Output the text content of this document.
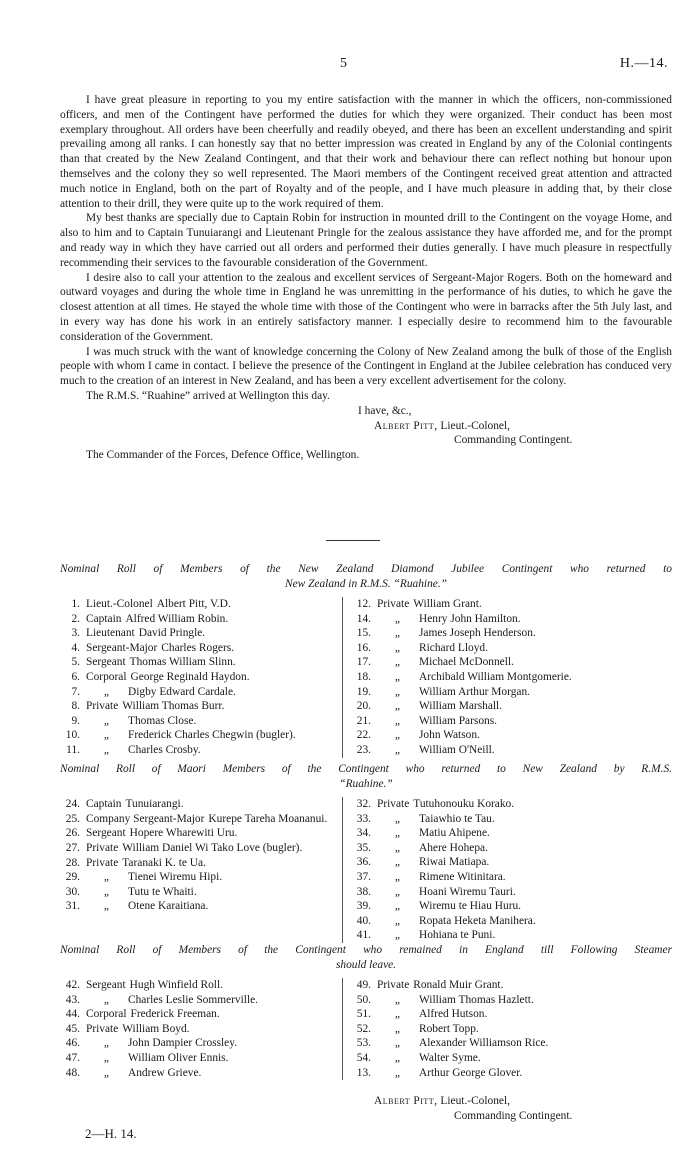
5	H.—14.

I have great pleasure in reporting to you my entire satisfaction with the manner in which the officers, non-commissioned officers, and men of the Contingent have performed the duties for which they were organized. Their conduct has been most exemplary throughout. All orders have been cheerfully and readily obeyed, and there has been an excellent understanding and spirit prevailing among all ranks. I can honestly say that no better impression was created in England by any of the Colonial contingents than that created by the New Zealand Contingent, and that their work and behaviour there can reflect nothing but honour upon themselves and the colony they so well represented. The Maori members of the Contingent received great attention and attracted much notice in England, both on the part of Royalty and of the people, and I have much pleasure in adding that, by their close attention to their drill, they were quite up to the work required of them.

My best thanks are specially due to Captain Robin for instruction in mounted drill to the Contingent on the voyage Home, and also to him and to Captain Tunuiarangi and Lieutenant Pringle for the zealous assistance they have afforded me, and for the prompt and ready way in which they have carried out all orders and performed their duties generally. I have much pleasure in respectfully recommending their services to the favourable consideration of the Government.

I desire also to call your attention to the zealous and excellent services of Sergeant-Major Rogers. Both on the homeward and outward voyages and during the whole time in England he was unremitting in the performance of his duties, to which he gave the closest attention at all times. He stayed the whole time with those of the Contingent who were in barracks after the 5th July last, and in every way has done his work in an entirely satisfactory manner. I especially desire to recommend him to the favourable consideration of the Government.

I was much struck with the want of knowledge concerning the Colony of New Zealand among the bulk of those of the English people with whom I came in contact. I believe the presence of the Contingent in England at the Jubilee celebration has conduced very much to the creation of an interest in New Zealand, and has been a very excellent advertisement for the colony.

The R.M.S. “Ruahine” arrived at Wellington this day.

I have, &c.,
Albert Pitt, Lieut.-Colonel,
Commanding Contingent.

The Commander of the Forces, Defence Office, Wellington.

Nominal Roll of Members of the New Zealand Diamond Jubilee Contingent who returned to
New Zealand in R.M.S. “Ruahine.”
1. Lieut.-Colonel Albert Pitt, V.D.
2. Captain Alfred William Robin.
3. Lieutenant David Pringle.
4. Sergeant-Major Charles Rogers.
5. Sergeant Thomas William Slinn.
6. Corporal George Reginald Haydon.
7.	„	Digby Edward Cardale.
8. Private William Thomas Burr.
9.	„	Thomas Close.
10.	„	Frederick Charles Chegwin (bugler).
11.	„	Charles Crosby.
12. Private William Grant.
14.	„	Henry John Hamilton.
15.	„	James Joseph Henderson.
16.	„	Richard Lloyd.
17.	„	Michael McDonnell.
18.	„	Archibald William Montgomerie.
19.	„	William Arthur Morgan.
20.	„	William Marshall.
21.	„	William Parsons.
22.	„	John Watson.
23.	„	William O'Neill.
Nominal Roll of Maori Members of the Contingent who returned to New Zealand by R.M.S.
“Ruahine.”
24. Captain Tunuiarangi.
25. Company Sergeant-Major Kurepe Tareha Moananui.
26. Sergeant Hopere Wharewiti Uru.
27. Private William Daniel Wi Tako Love (bugler).
28. Private Taranaki K. te Ua.
29.	„	Tienei Wiremu Hipi.
30.	„	Tutu te Whaiti.
31.	„	Otene Karaitiana.
32. Private Tutuhonouku Korako.
33.	„	Taiawhio te Tau.
34.	„	Matiu Ahipene.
35.	„	Ahere Hohepa.
36.	„	Riwai Matiapa.
37.	„	Rimene Witinitara.
38.	„	Hoani Wiremu Tauri.
39.	„	Wiremu te Hiau Huru.
40.	„	Ropata Heketa Manihera.
41.	„	Hohiana te Puni.
Nominal Roll of Members of the Contingent who remained in England till Following Steamer
should leave.
42. Sergeant Hugh Winfield Roll.
43.	„	Charles Leslie Sommerville.
44. Corporal Frederick Freeman.
45. Private William Boyd.
46.	„	John Dampier Crossley.
47.	„	William Oliver Ennis.
48.	„	Andrew Grieve.
49. Private Ronald Muir Grant.
50.	„	William Thomas Hazlett.
51.	„	Alfred Hutson.
52.	„	Robert Topp.
53.	„	Alexander Williamson Rice.
54.	„	Walter Syme.
13.	„	Arthur George Glover.
Albert Pitt, Lieut.-Colonel,
Commanding Contingent.
2—H. 14.
